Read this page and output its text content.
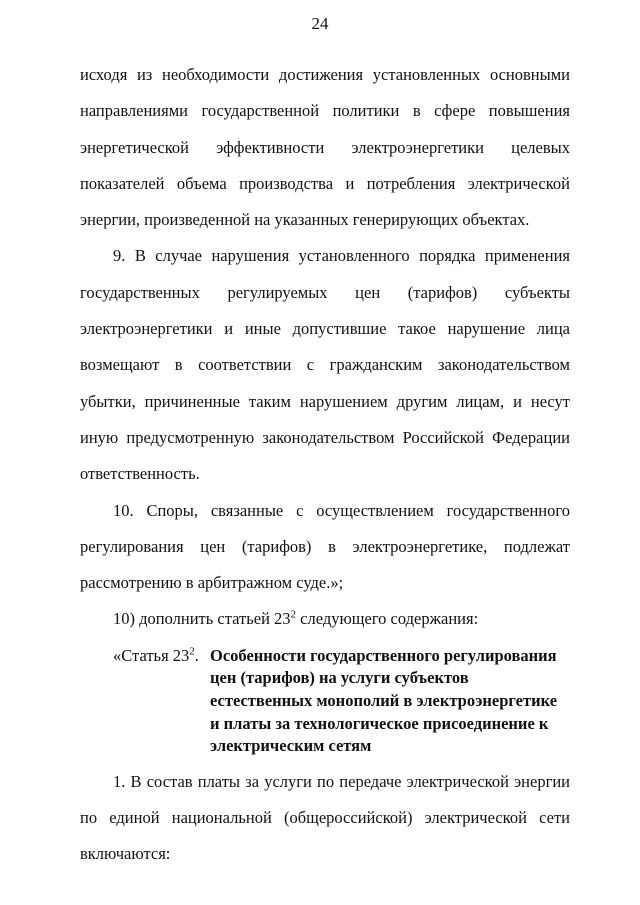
24

исходя из необходимости достижения установленных основными направлениями государственной политики в сфере повышения энергетической эффективности электроэнергетики целевых показателей объема производства и потребления электрической энергии, произведенной на указанных генерирующих объектах.

9. В случае нарушения установленного порядка применения государственных регулируемых цен (тарифов) субъекты электроэнергетики и иные допустившие такое нарушение лица возмещают в соответствии с гражданским законодательством убытки, причиненные таким нарушением другим лицам, и несут иную предусмотренную законодательством Российской Федерации ответственность.

10. Споры, связанные с осуществлением государственного регулирования цен (тарифов) в электроэнергетике, подлежат рассмотрению в арбитражном суде.»;

10) дополнить статьей $23^2$ следующего содержания:

«Статья $23^2$. Особенности государственного регулирования цен (тарифов) на услуги субъектов естественных монополий в электроэнергетике и платы за технологическое присоединение к электрическим сетям

1. В состав платы за услуги по передаче электрической энергии по единой национальной (общероссийской) электрической сети включаются:
